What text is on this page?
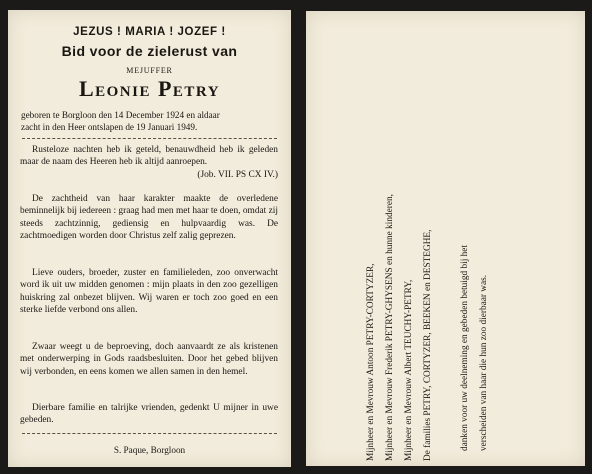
JEZUS ! MARIA ! JOZEF !
Bid voor de zielerust van
MEJUFFER
Leonie Petry
geboren te Borgloon den 14 December 1924 en aldaar
zacht in den Heer ontslapen de 19 Januari 1949.
Rusteloze nachten heb ik geteld, benauwdheid heb ik geleden maar de naam des Heeren heb ik altijd aanroepen.
(Job. VII. PS CX IV.)
De zachtheid van haar karakter maakte de overledene beminnelijk bij iedereen : graag had men met haar te doen, omdat zij steeds zachtzinnig, gediensig en hulpvaardig was. De zachtmoedigen worden door Christus zelf zalig geprezen.
Lieve ouders, broeder, zuster en familieleden, zoo onverwacht word ik uit uw midden genomen : mijn plaats in den zoo gezelligen huiskring zal onbezet blijven. Wij waren er toch zoo goed en een sterke liefde verbond ons allen.
Zwaar weegt u de beproeving, doch aanvaardt ze als kristenen met onderwerping in Gods raadsbesluiten. Door het gebed blijven wij verbonden, en eens komen we allen samen in den hemel.
Dierbare familie en talrijke vrienden, gedenkt U mijner in uwe gebeden.
S. Paque, Borgloon	Mijnheer en Mevrouw Antoon PETRY-CORTYZER, Mijnheer en Mevrouw Frederik PETRY-GHYSENS en hunne kinderen, Mijnheer en Mevrouw Albert TEUCHY-PETRY, De families PETRY, CORTYZER, BEEKEN en DESTEGHE,	danken voor uw deelneming en gebeden betuigd bij het verscheiden van haar die hun zoo dierbaar was.
